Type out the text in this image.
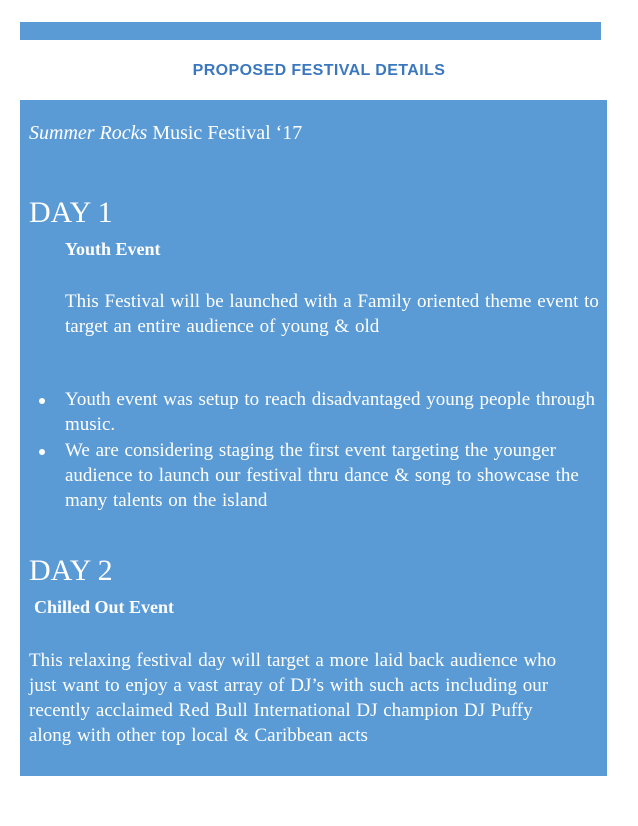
PROPOSED FESTIVAL DETAILS
Summer Rocks Music Festival ‘17
DAY 1
Youth Event
This Festival will be launched with a Family oriented theme event to target an entire audience of young & old
Youth event was setup to reach disadvantaged young people through music.
We are considering staging the first event targeting the younger audience to launch our festival thru dance & song to showcase the many talents on the island
DAY 2
Chilled Out Event
This relaxing festival day will target a more laid back audience who just want to enjoy a vast array of DJ’s with such acts including our recently acclaimed Red Bull International DJ champion DJ Puffy along with other top local & Caribbean acts
